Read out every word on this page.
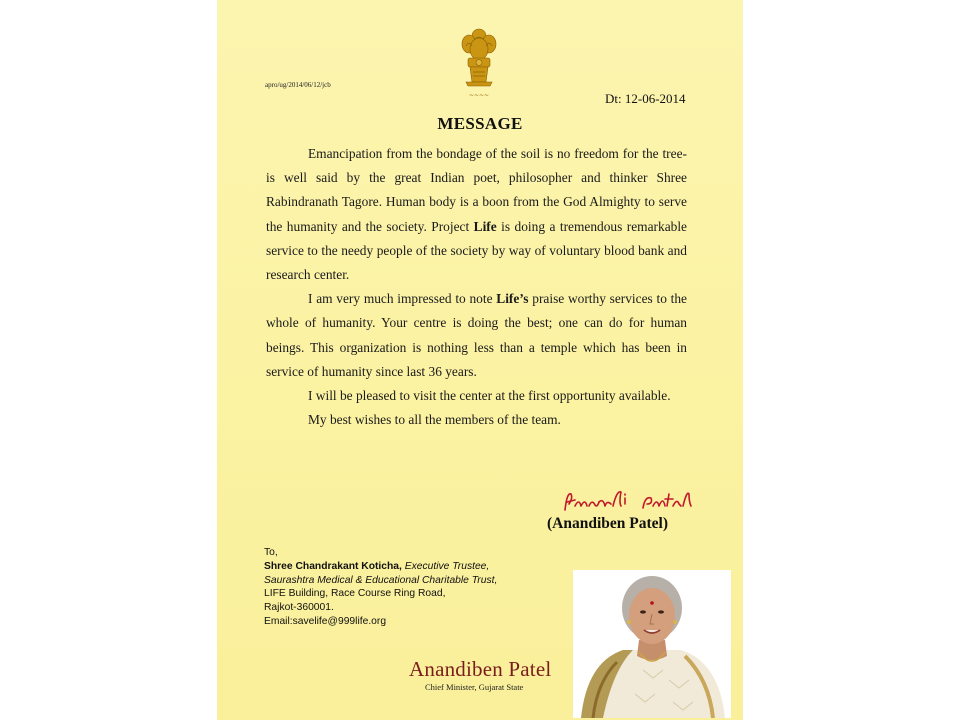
~~~~
apro/ug/2014/06/12/jcb
Dt: 12-06-2014
MESSAGE

Emancipation from the bondage of the soil is no freedom for the tree-is well said by the great Indian poet, philosopher and thinker Shree Rabindranath Tagore. Human body is a boon from the God Almighty to serve the humanity and the society. Project Life is doing a tremendous remarkable service to the needy people of the society by way of voluntary blood bank and research center.

I am very much impressed to note Life’s praise worthy services to the whole of humanity. Your centre is doing the best; one can do for human beings. This organization is nothing less than a temple which has been in service of humanity since last 36 years.

I will be pleased to visit the center at the first opportunity available.

My best wishes to all the members of the team.

(Anandiben Patel)
To,
Shree Chandrakant Koticha, Executive Trustee,
Saurashtra Medical & Educational Charitable Trust,
LIFE Building, Race Course Ring Road,
Rajkot-360001.
Email:savelife@999life.org
Anandiben Patel
Chief Minister, Gujarat State
